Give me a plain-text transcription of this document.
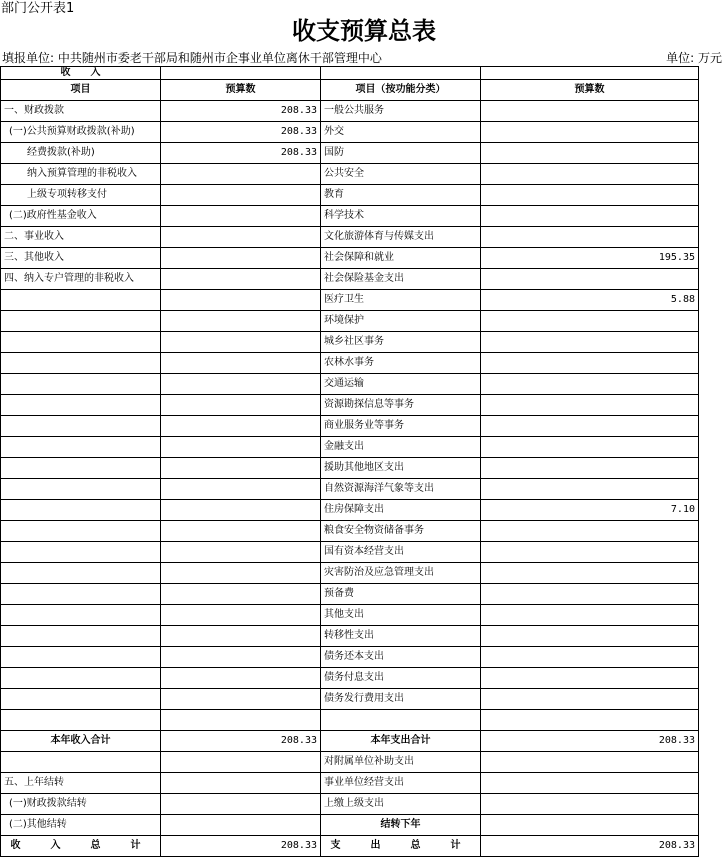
部门公开表1
收支预算总表
填报单位: 中共随州市委老干部局和随州市企事业单位离休干部管理中心	单位: 万元
收　　入			
项目	预算数	项目（按功能分类）	预算数
一、财政拨款	208.33	一般公共服务	
(一)公共预算财政拨款(补助)	208.33	外交	
经费拨款(补助)	208.33	国防	
纳入预算管理的非税收入		公共安全	
上级专项转移支付		教育	
(二)政府性基金收入		科学技术	
二、事业收入		文化旅游体育与传媒支出	
三、其他收入		社会保障和就业	195.35
四、纳入专户管理的非税收入		社会保险基金支出	
		医疗卫生	5.88
		环境保护	
		城乡社区事务	
		农林水事务	
		交通运输	
		资源勘探信息等事务	
		商业服务业等事务	
		金融支出	
		援助其他地区支出	
		自然资源海洋气象等支出	
		住房保障支出	7.10
		粮食安全物资储备事务	
		国有资本经营支出	
		灾害防治及应急管理支出	
		预备费	
		其他支出	
		转移性支出	
		债务还本支出	
		债务付息支出	
		债务发行费用支出	

本年收入合计	208.33	本年支出合计	208.33
		对附属单位补助支出	
五、上年结转		事业单位经营支出	
(一)财政拨款结转		上缴上级支出	
(二)其他结转		结转下年	
收　入　总　计	208.33	支　出　总　计	208.33
